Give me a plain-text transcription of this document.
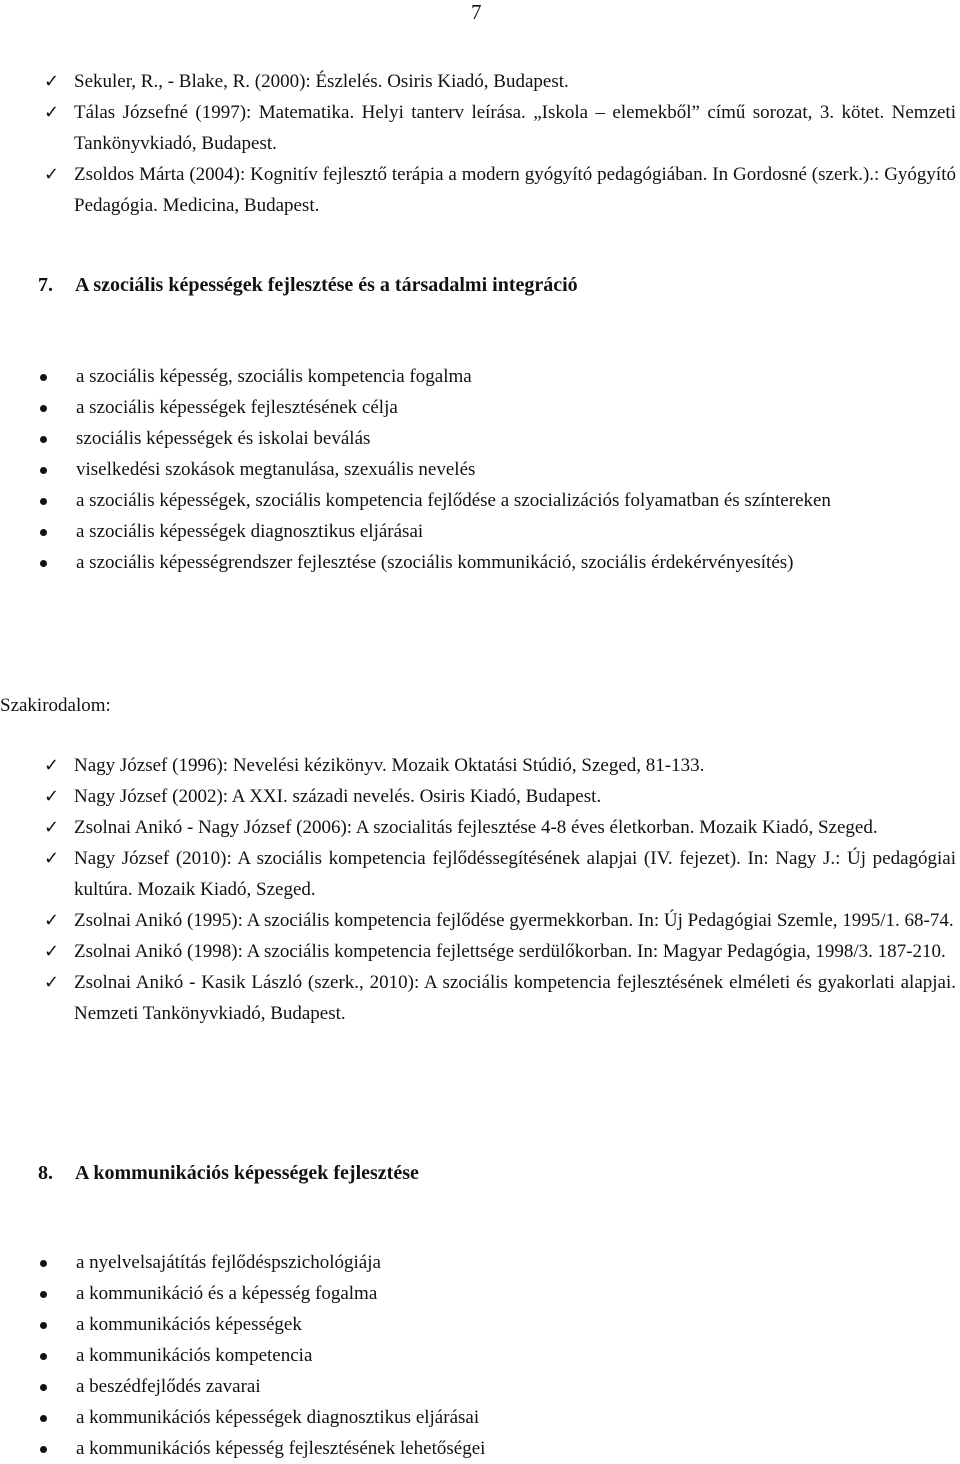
7
✓ Sekuler, R., - Blake, R. (2000): Észlelés. Osiris Kiadó, Budapest.
✓ Tálas Józsefné (1997): Matematika. Helyi tanterv leírása. „Iskola – elemekből” című sorozat, 3. kötet. Nemzeti Tankönyvkiadó, Budapest.
✓ Zsoldos Márta (2004): Kognitív fejlesztő terápia a modern gyógyító pedagógiában. In Gordosné (szerk.).: Gyógyító Pedagógia. Medicina, Budapest.
7. A szociális képességek fejlesztése és a társadalmi integráció
a szociális képesség, szociális kompetencia fogalma
a szociális képességek fejlesztésének célja
szociális képességek és iskolai beválás
viselkedési szokások megtanulása, szexuális nevelés
a szociális képességek, szociális kompetencia fejlődése a szocializációs folyamatban és színtereken
a szociális képességek diagnosztikus eljárásai
a szociális képességrendszer fejlesztése (szociális kommunikáció, szociális érdekérvényesítés)
Szakirodalom:
✓ Nagy József (1996): Nevelési kézikönyv. Mozaik Oktatási Stúdió, Szeged, 81-133.
✓ Nagy József (2002): A XXI. századi nevelés. Osiris Kiadó, Budapest.
✓ Zsolnai Anikó - Nagy József (2006): A szocialitás fejlesztése 4-8 éves életkorban. Mozaik Kiadó, Szeged.
✓ Nagy József (2010): A szociális kompetencia fejlődéssegítésének alapjai (IV. fejezet). In: Nagy J.: Új pedagógiai kultúra. Mozaik Kiadó, Szeged.
✓ Zsolnai Anikó (1995): A szociális kompetencia fejlődése gyermekkorban. In: Új Pedagógiai Szemle, 1995/1. 68-74.
✓ Zsolnai Anikó (1998): A szociális kompetencia fejlettsége serdülőkorban. In: Magyar Pedagógia, 1998/3. 187-210.
✓ Zsolnai Anikó - Kasik László (szerk., 2010): A szociális kompetencia fejlesztésének elméleti és gyakorlati alapjai. Nemzeti Tankönyvkiadó, Budapest.
8. A kommunikációs képességek fejlesztése
a nyelvelsajátítás fejlődéspszichológiája
a kommunikáció és a képesség fogalma
a kommunikációs képességek
a kommunikációs kompetencia
a beszédfejlődés zavarai
a kommunikációs képességek diagnosztikus eljárásai
a kommunikációs képesség fejlesztésének lehetőségei
